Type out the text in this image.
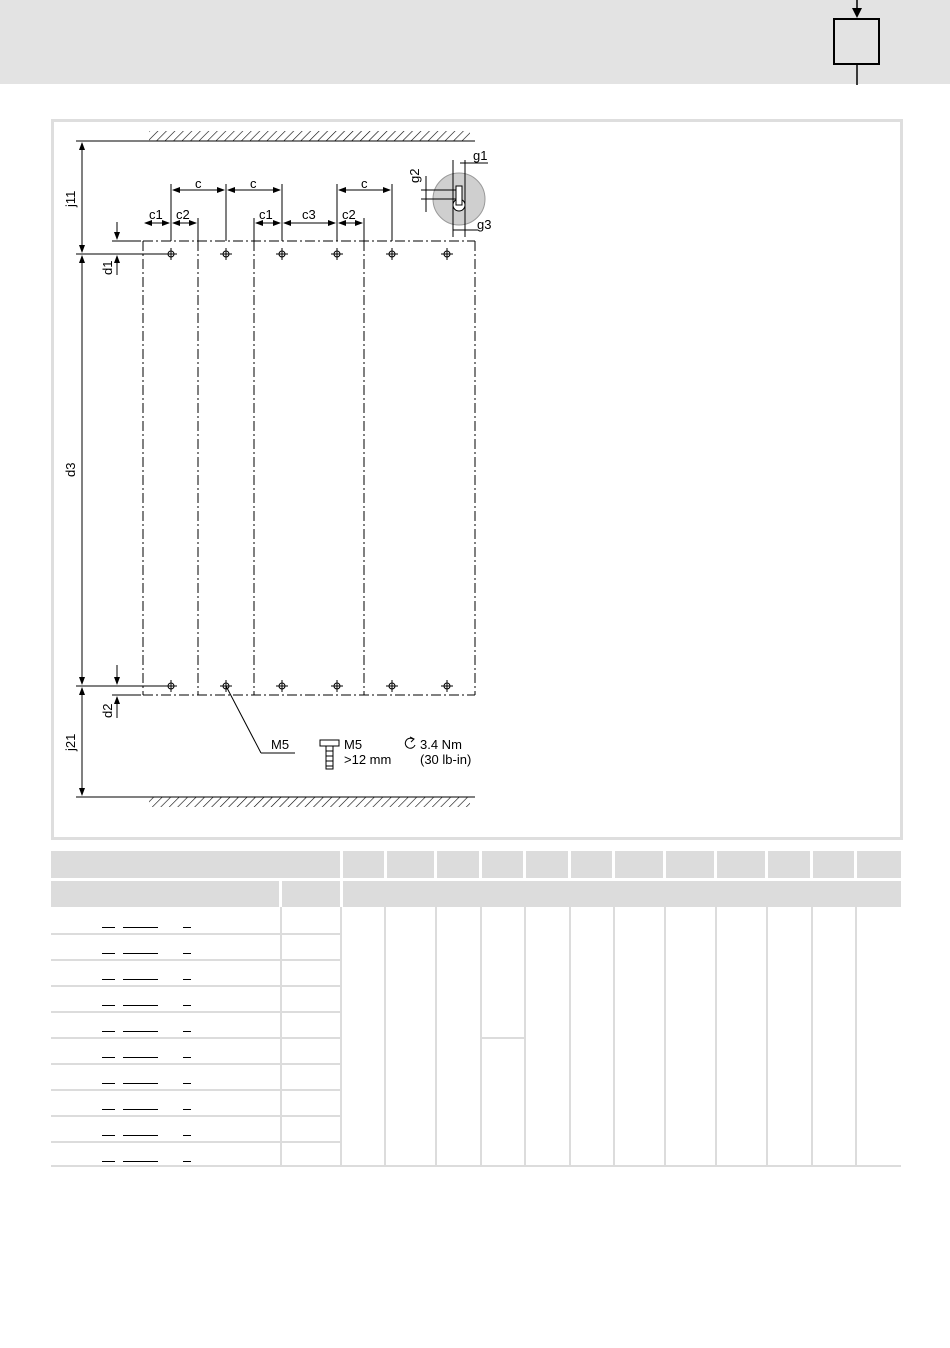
j11
d1
d3
d2
j21
c	c	c
c1 c2	c1 c3 c2
g1
g2
g3
M5	M5
>12 mm
3.4 Nm
(30 lb-in)
